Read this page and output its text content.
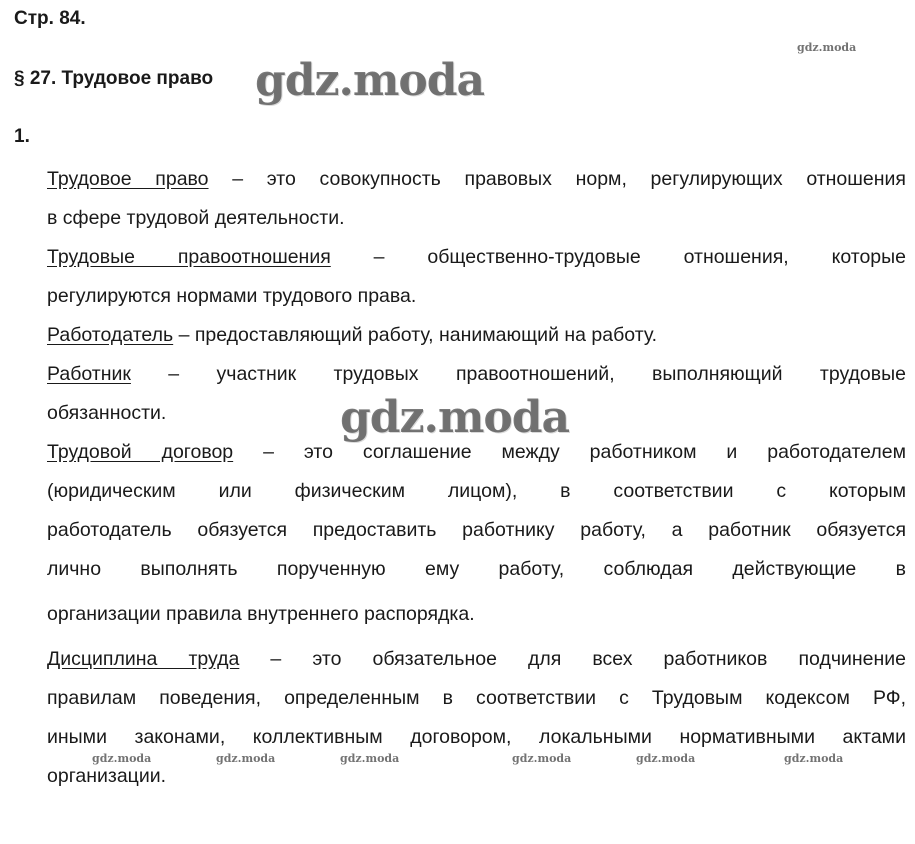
Стр. 84.
§ 27. Трудовое право
1.
Трудовое право – это совокупность правовых норм, регулирующих отношения
в сфере трудовой деятельности.
Трудовые правоотношения – общественно-трудовые отношения, которые
регулируются нормами трудового права.
Работодатель – предоставляющий работу, нанимающий на работу.
Работник – участник трудовых правоотношений, выполняющий трудовые
обязанности.
Трудовой договор – это соглашение между работником и работодателем
(юридическим или физическим лицом), в соответствии с которым
работодатель обязуется предоставить работнику работу, а работник обязуется
лично выполнять порученную ему работу, соблюдая действующие в
организации правила внутреннего распорядка.
Дисциплина труда – это обязательное для всех работников подчинение
правилам поведения, определенным в соответствии с Трудовым кодексом РФ,
иными законами, коллективным договором, локальными нормативными актами
организации.
gdz.moda
gdz.moda
gdz.moda
gdz.moda	gdz.moda	gdz.moda	gdz.moda	gdz.moda	gdz.moda
